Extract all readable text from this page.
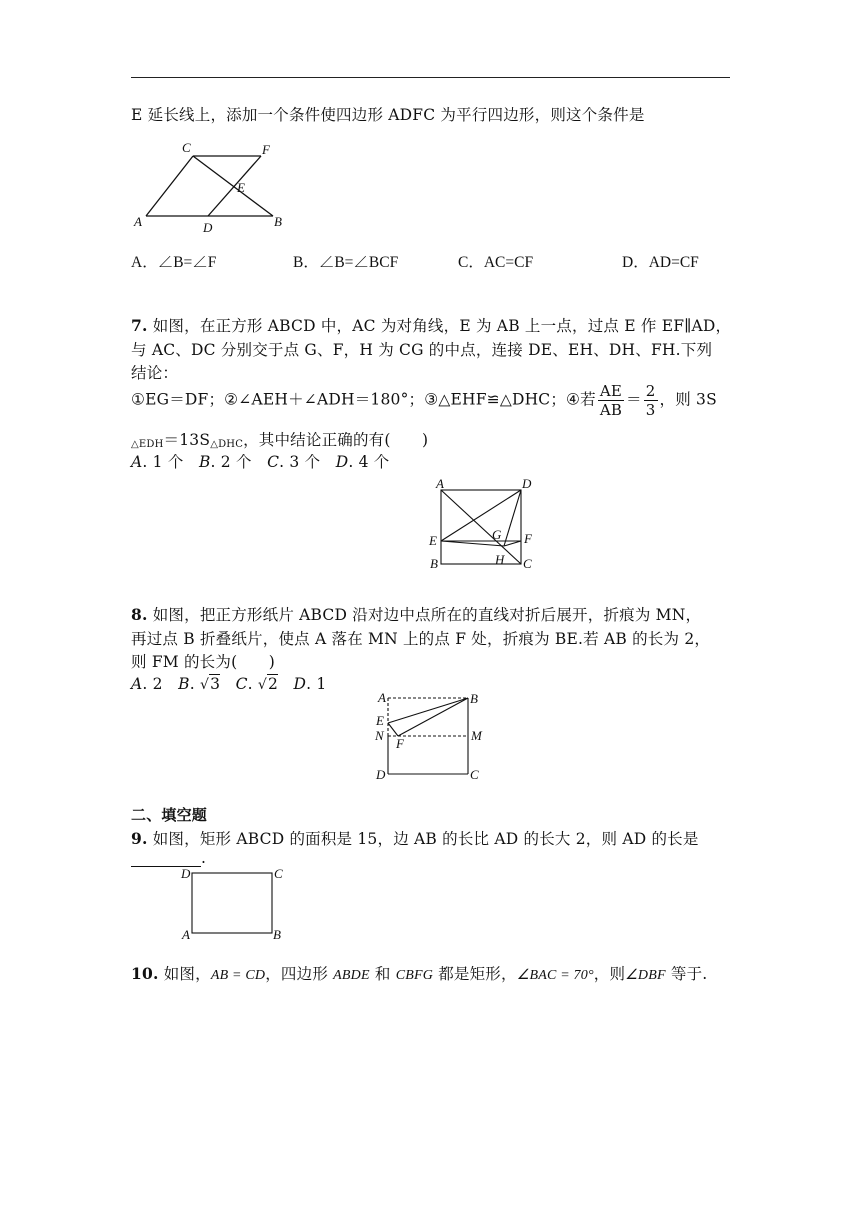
E 延长线上，添加一个条件使四边形 ADFC 为平行四边形，则这个条件是
C	F
E
A	D	B
A．∠B=∠F	B．∠B=∠BCF	C．AC=CF	D．AD=CF
7. 如图，在正方形 ABCD 中，AC 为对角线，E 为 AB 上一点，过点 E 作 EF∥AD，
与 AC、DC 分别交于点 G、F，H 为 CG 的中点，连接 DE、EH、DH、FH.下列
结论：
①EG＝DF；②∠AEH＋∠ADH＝180°；③△EHF≌△DHC；④若 $\frac{AE}{AB} = \frac{2}{3}$ ，则 3S
$_{\triangle EDH}=13S_{\triangle DHC}$，其中结论正确的有(　　)
A. 1 个 B. 2 个 C. 3 个 D. 4 个
A	D
E	G F
B	H C
8. 如图，把正方形纸片 ABCD 沿对边中点所在的直线对折后展开，折痕为 MN，
再过点 B 折叠纸片，使点 A 落在 MN 上的点 F 处，折痕为 BE.若 AB 的长为 2，
则 FM 的长为(　　)
A. 2 B. √3 C. √2 D. 1
A	B
E
N
F
M
D	C
二、填空题
9. 如图，矩形 ABCD 的面积是 15，边 AB 的长比 AD 的长大 2，则 AD 的长是
.
D	C
A	B
10. 如图，AB = CD，四边形 ABDE 和 CBFG 都是矩形，∠BAC = 70°，则∠DBF 等于.
